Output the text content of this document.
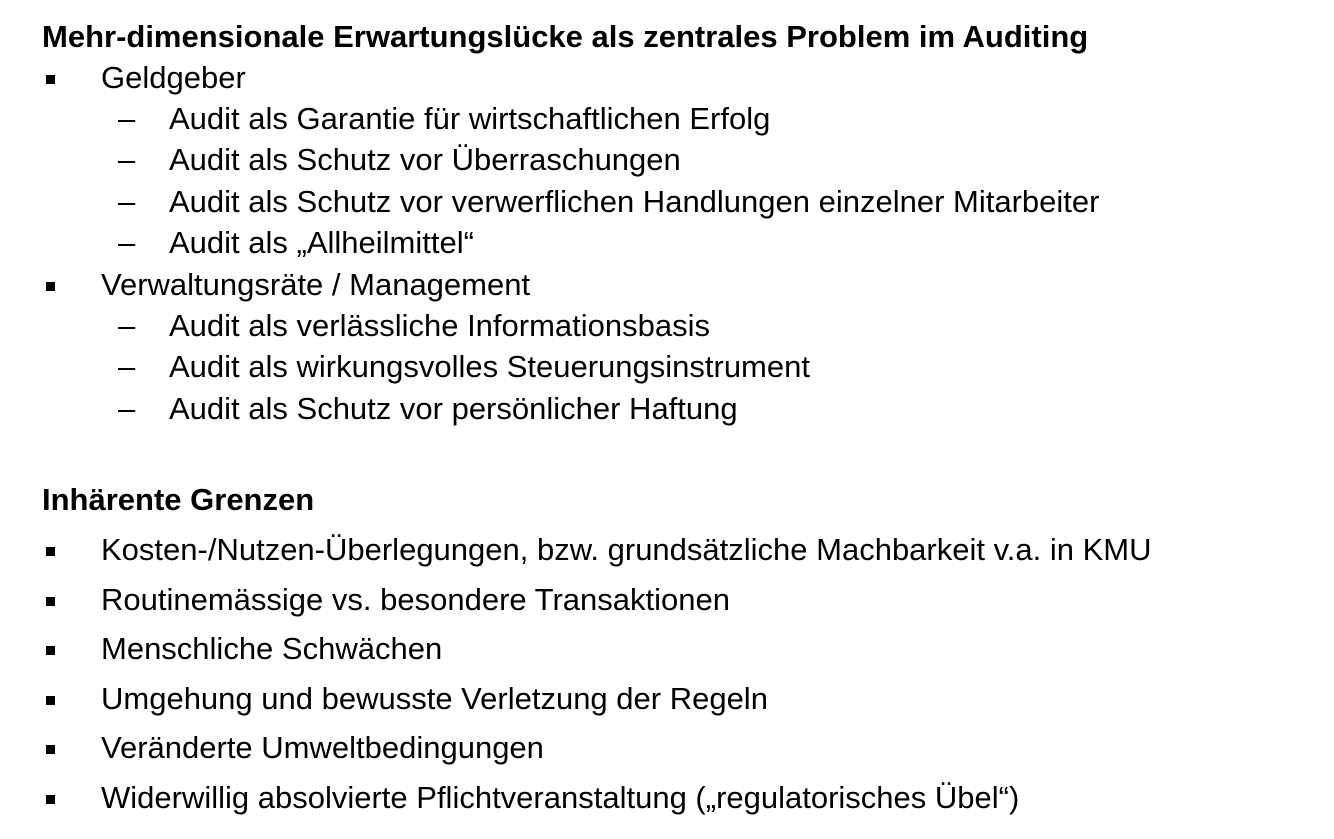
Mehr-dimensionale Erwartungslücke als zentrales Problem im Auditing
Geldgeber
– Audit als Garantie für wirtschaftlichen Erfolg
– Audit als Schutz vor Überraschungen
– Audit als Schutz vor verwerflichen Handlungen einzelner Mitarbeiter
– Audit als „Allheilmittel“
Verwaltungsräte / Management
– Audit als verlässliche Informationsbasis
– Audit als wirkungsvolles Steuerungsinstrument
– Audit als Schutz vor persönlicher Haftung
Inhärente Grenzen
Kosten-/Nutzen-Überlegungen, bzw. grundsätzliche Machbarkeit v.a. in KMU
Routinemässige vs. besondere Transaktionen
Menschliche Schwächen
Umgehung und bewusste Verletzung der Regeln
Veränderte Umweltbedingungen
Widerwillig absolvierte Pflichtveranstaltung („regulatorisches Übel“)
